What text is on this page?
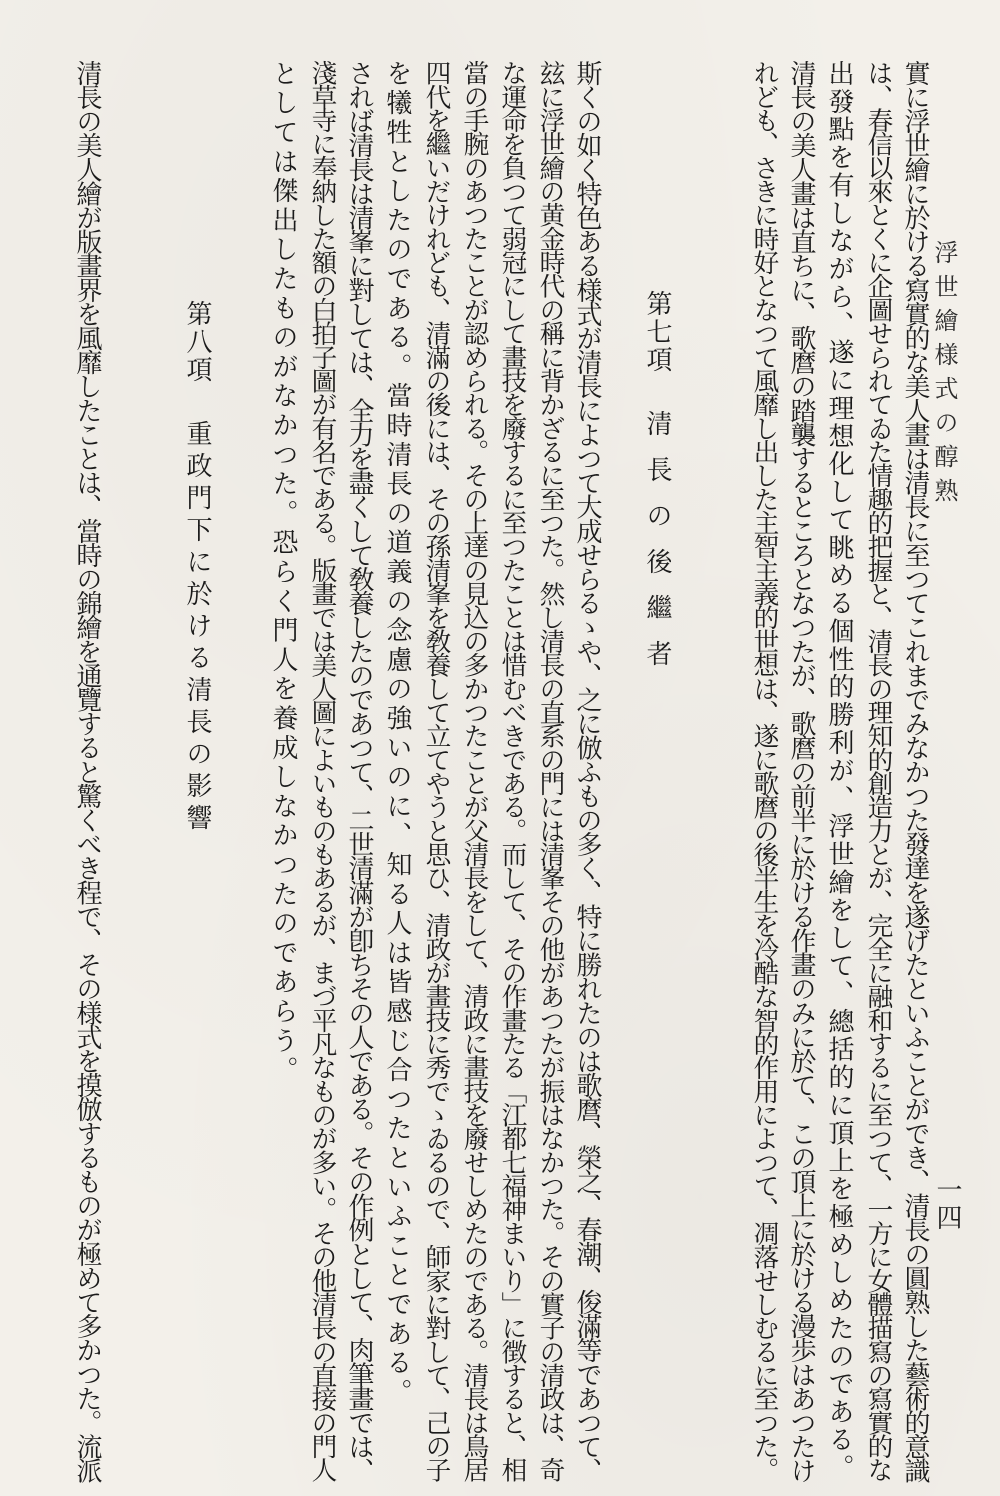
浮世繪様式の醇熟
一四
實に浮世繪に於ける寫實的な美人畫は清長に至つてこれまでみなかつた發達を遂げたといふことができ、清長の圓熟した藝術的意識
は、春信以來とくに企圖せられてゐた情趣的把握と、清長の理知的創造力とが、完全に融和するに至つて、一方に女體描寫の寫實的な
出發點を有しながら、遂に理想化して眺める個性的勝利が、浮世繪をして、總括的に頂上を極めしめたのである。
清長の美人畫は直ちに、歌麿の踏襲するところとなつたが、歌麿の前半に於ける作畫のみに於て、この頂上に於ける漫歩はあつたけ
れども、さきに時好となつて風靡し出した主智主義的世想は、遂に歌麿の後半生を冷酷な智的作用によつて、凋落せしむるに至つた。
第七項清長の後繼者
斯くの如く特色ある様式が清長によつて大成せらるゝや、之に倣ふもの多く、特に勝れたのは歌麿、榮之、春潮、俊滿等であつて、
玆に浮世繪の黄金時代の稱に背かざるに至つた。然し清長の直系の門には清峯その他があつたが振はなかつた。その實子の清政は、奇
な運命を負つて弱冠にして畫技を廢するに至つたことは惜むべきである。而して、その作畫たる「江都七福神まいり」に徴すると、相
當の手腕のあつたことが認められる。その上達の見込の多かつたことが父清長をして、清政に畫技を廢せしめたのである。清長は鳥居
四代を繼いだけれども、清滿の後には、その孫清峯を敎養して立てやうと思ひ、清政が畫技に秀でゝゐるので、師家に對して、己の子
を犧牲としたのである。當時清長の道義の念慮の強いのに、知る人は皆感じ合つたといふことである。
されば清長は清峯に對しては、全力を盡くして敎養したのであつて、二世清滿が卽ちその人である。その作例として、肉筆畫では、
淺草寺に奉納した額の白拍子圖が有名である。版畫では美人圖によいものもあるが、まづ平凡なものが多い。その他清長の直接の門人
としては傑出したものがなかつた。恐らく門人を養成しなかつたのであらう。
第八項重政門下に於ける清長の影響
清長の美人繪が版畫界を風靡したことは、當時の錦繪を通覽すると驚くべき程で、その様式を摸倣するものが極めて多かつた。流派
